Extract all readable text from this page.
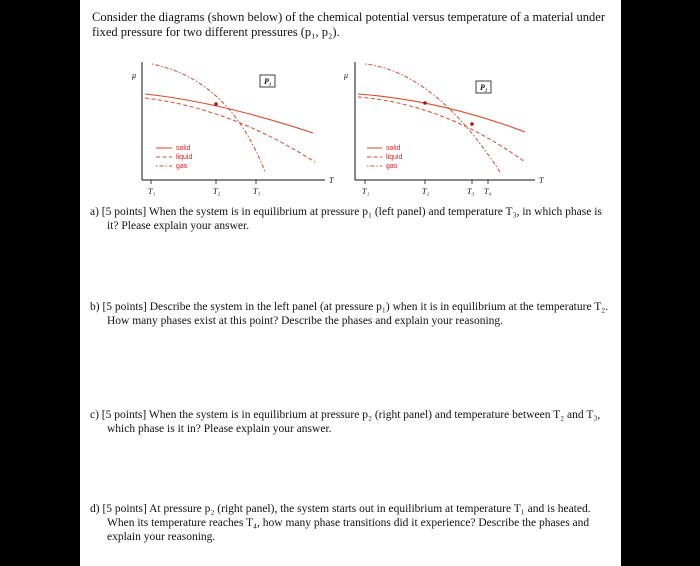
Consider the diagrams (shown below) of the chemical potential versus temperature of a material under fixed pressure for two different pressures (p₁, p₂).
μ
T
P₁
T₁	T₂	T₃
solid
liquid
gas
μ
T
P₂
T₁	T₂	T₃ T₄
solid
liquid
gas
a) [5 points] When the system is in equilibrium at pressure p₁ (left panel) and temperature T₃, in which phase is it? Please explain your answer.
b) [5 points] Describe the system in the left panel (at pressure p₁) when it is in equilibrium at the temperature T₂. How many phases exist at this point? Describe the phases and explain your reasoning.
c) [5 points] When the system is in equilibrium at pressure p₂ (right panel) and temperature between T₂ and T₃, which phase is it in? Please explain your answer.
d) [5 points] At pressure p₂ (right panel), the system starts out in equilibrium at temperature T₁ and is heated. When its temperature reaches T₄, how many phase transitions did it experience? Describe the phases and explain your reasoning.
